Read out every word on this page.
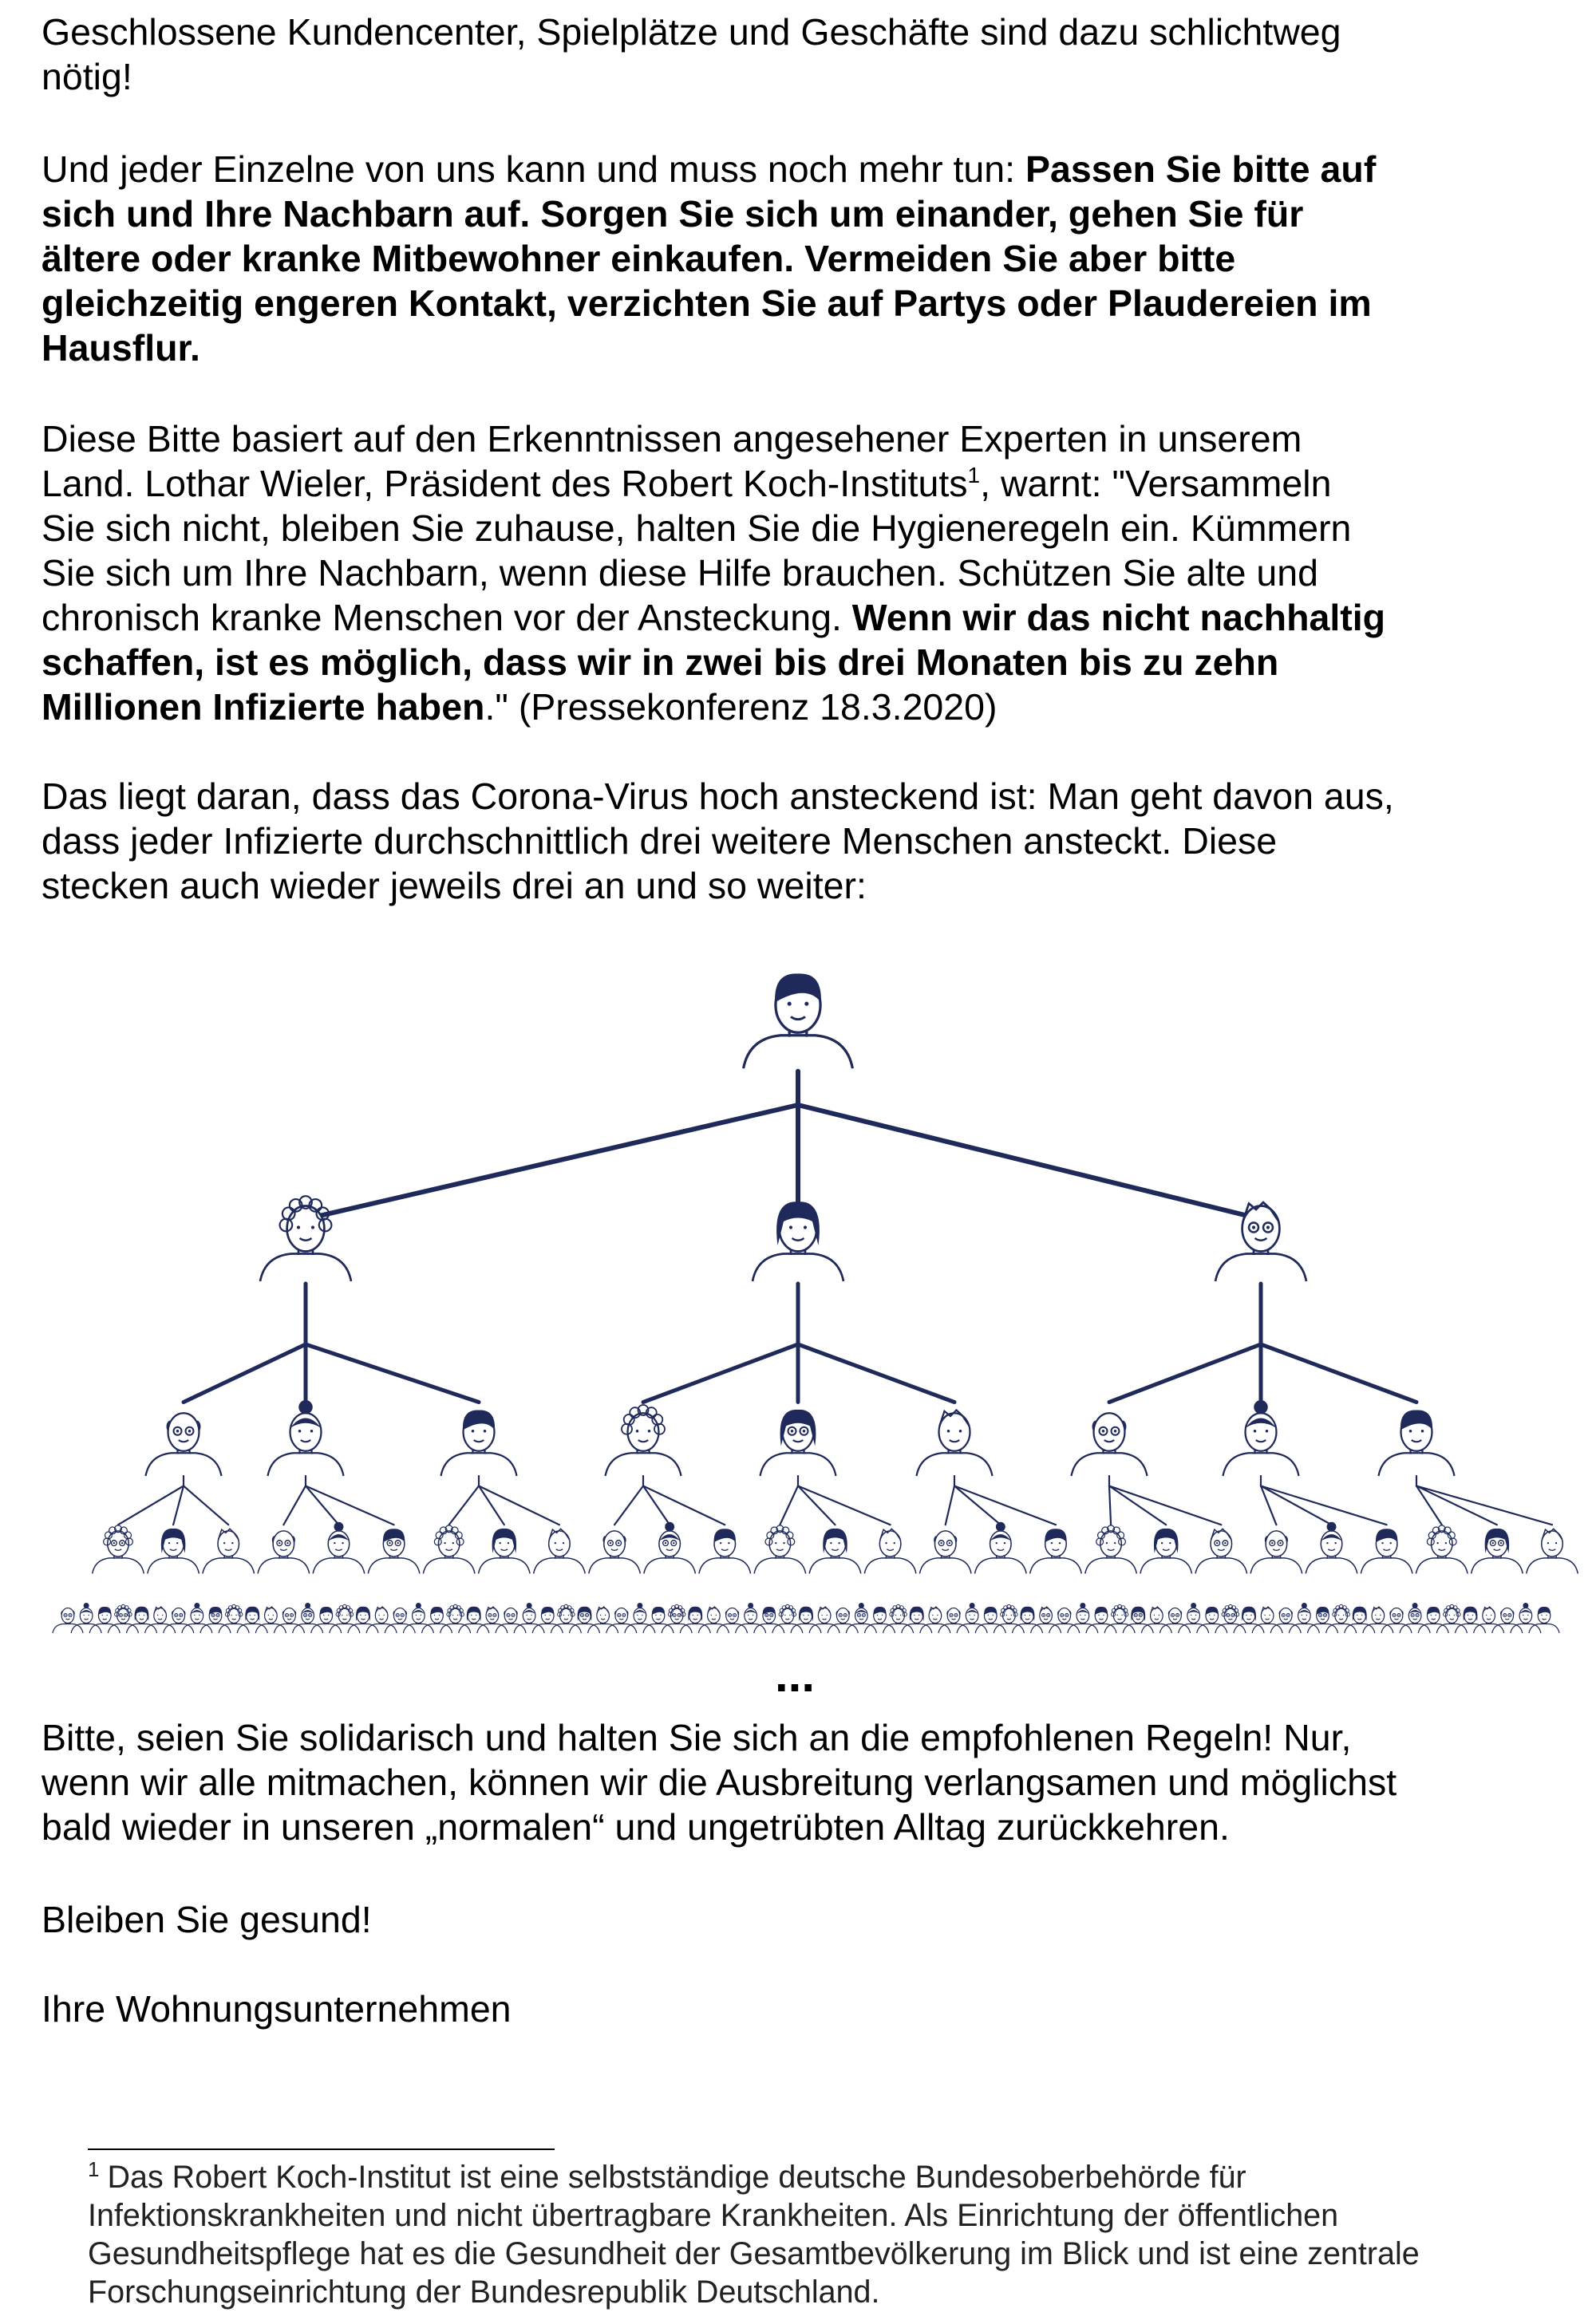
Geschlossene Kundencenter, Spielplätze und Geschäfte sind dazu schlichtweg
nötig!

Und jeder Einzelne von uns kann und muss noch mehr tun: Passen Sie bitte auf
sich und Ihre Nachbarn auf. Sorgen Sie sich um einander, gehen Sie für
ältere oder kranke Mitbewohner einkaufen. Vermeiden Sie aber bitte
gleichzeitig engeren Kontakt, verzichten Sie auf Partys oder Plaudereien im
Hausflur.

Diese Bitte basiert auf den Erkenntnissen angesehener Experten in unserem
Land. Lothar Wieler, Präsident des Robert Koch-Instituts$^1$, warnt: "Versammeln
Sie sich nicht, bleiben Sie zuhause, halten Sie die Hygieneregeln ein. Kümmern
Sie sich um Ihre Nachbarn, wenn diese Hilfe brauchen. Schützen Sie alte und
chronisch kranke Menschen vor der Ansteckung. Wenn wir das nicht nachhaltig
schaffen, ist es möglich, dass wir in zwei bis drei Monaten bis zu zehn
Millionen Infizierte haben." (Pressekonferenz 18.3.2020)

Das liegt daran, dass das Corona-Virus hoch ansteckend ist: Man geht davon aus,
dass jeder Infizierte durchschnittlich drei weitere Menschen ansteckt. Diese
stecken auch wieder jeweils drei an und so weiter:

...

Bitte, seien Sie solidarisch und halten Sie sich an die empfohlenen Regeln! Nur,
wenn wir alle mitmachen, können wir die Ausbreitung verlangsamen und möglichst
bald wieder in unseren „normalen“ und ungetrübten Alltag zurückkehren.

Bleiben Sie gesund!

Ihre Wohnungsunternehmen

$^1$ Das Robert Koch-Institut ist eine selbstständige deutsche Bundesoberbehörde für
Infektionskrankheiten und nicht übertragbare Krankheiten. Als Einrichtung der öffentlichen
Gesundheitspflege hat es die Gesundheit der Gesamtbevölkerung im Blick und ist eine zentrale
Forschungseinrichtung der Bundesrepublik Deutschland.
